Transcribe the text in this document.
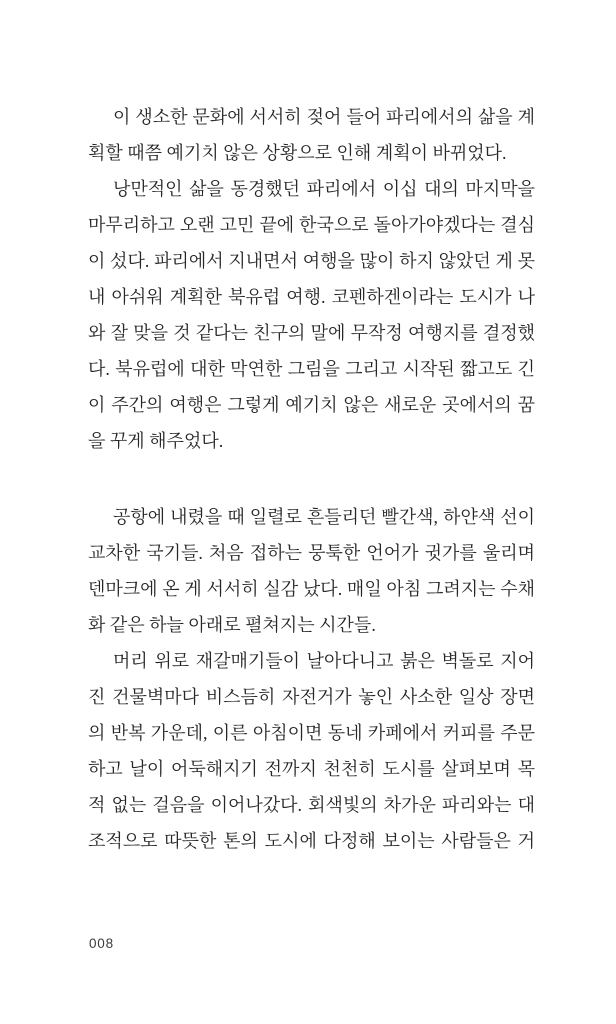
이 생소한 문화에 서서히 젖어 들어 파리에서의 삶을 계
획할 때쯤 예기치 않은 상황으로 인해 계획이 바뀌었다.
낭만적인 삶을 동경했던 파리에서 이십 대의 마지막을
마무리하고 오랜 고민 끝에 한국으로 돌아가야겠다는 결심
이 섰다. 파리에서 지내면서 여행을 많이 하지 않았던 게 못
내 아쉬워 계획한 북유럽 여행. 코펜하겐이라는 도시가 나
와 잘 맞을 것 같다는 친구의 말에 무작정 여행지를 결정했
다. 북유럽에 대한 막연한 그림을 그리고 시작된 짧고도 긴
이 주간의 여행은 그렇게 예기치 않은 새로운 곳에서의 꿈
을 꾸게 해주었다.
공항에 내렸을 때 일렬로 흔들리던 빨간색, 하얀색 선이
교차한 국기들. 처음 접하는 뭉툭한 언어가 귓가를 울리며
덴마크에 온 게 서서히 실감 났다. 매일 아침 그려지는 수채
화 같은 하늘 아래로 펼쳐지는 시간들.
머리 위로 재갈매기들이 날아다니고 붉은 벽돌로 지어
진 건물벽마다 비스듬히 자전거가 놓인 사소한 일상 장면
의 반복 가운데, 이른 아침이면 동네 카페에서 커피를 주문
하고 날이 어둑해지기 전까지 천천히 도시를 살펴보며 목
적 없는 걸음을 이어나갔다. 회색빛의 차가운 파리와는 대
조적으로 따뜻한 톤의 도시에 다정해 보이는 사람들은 거
008
